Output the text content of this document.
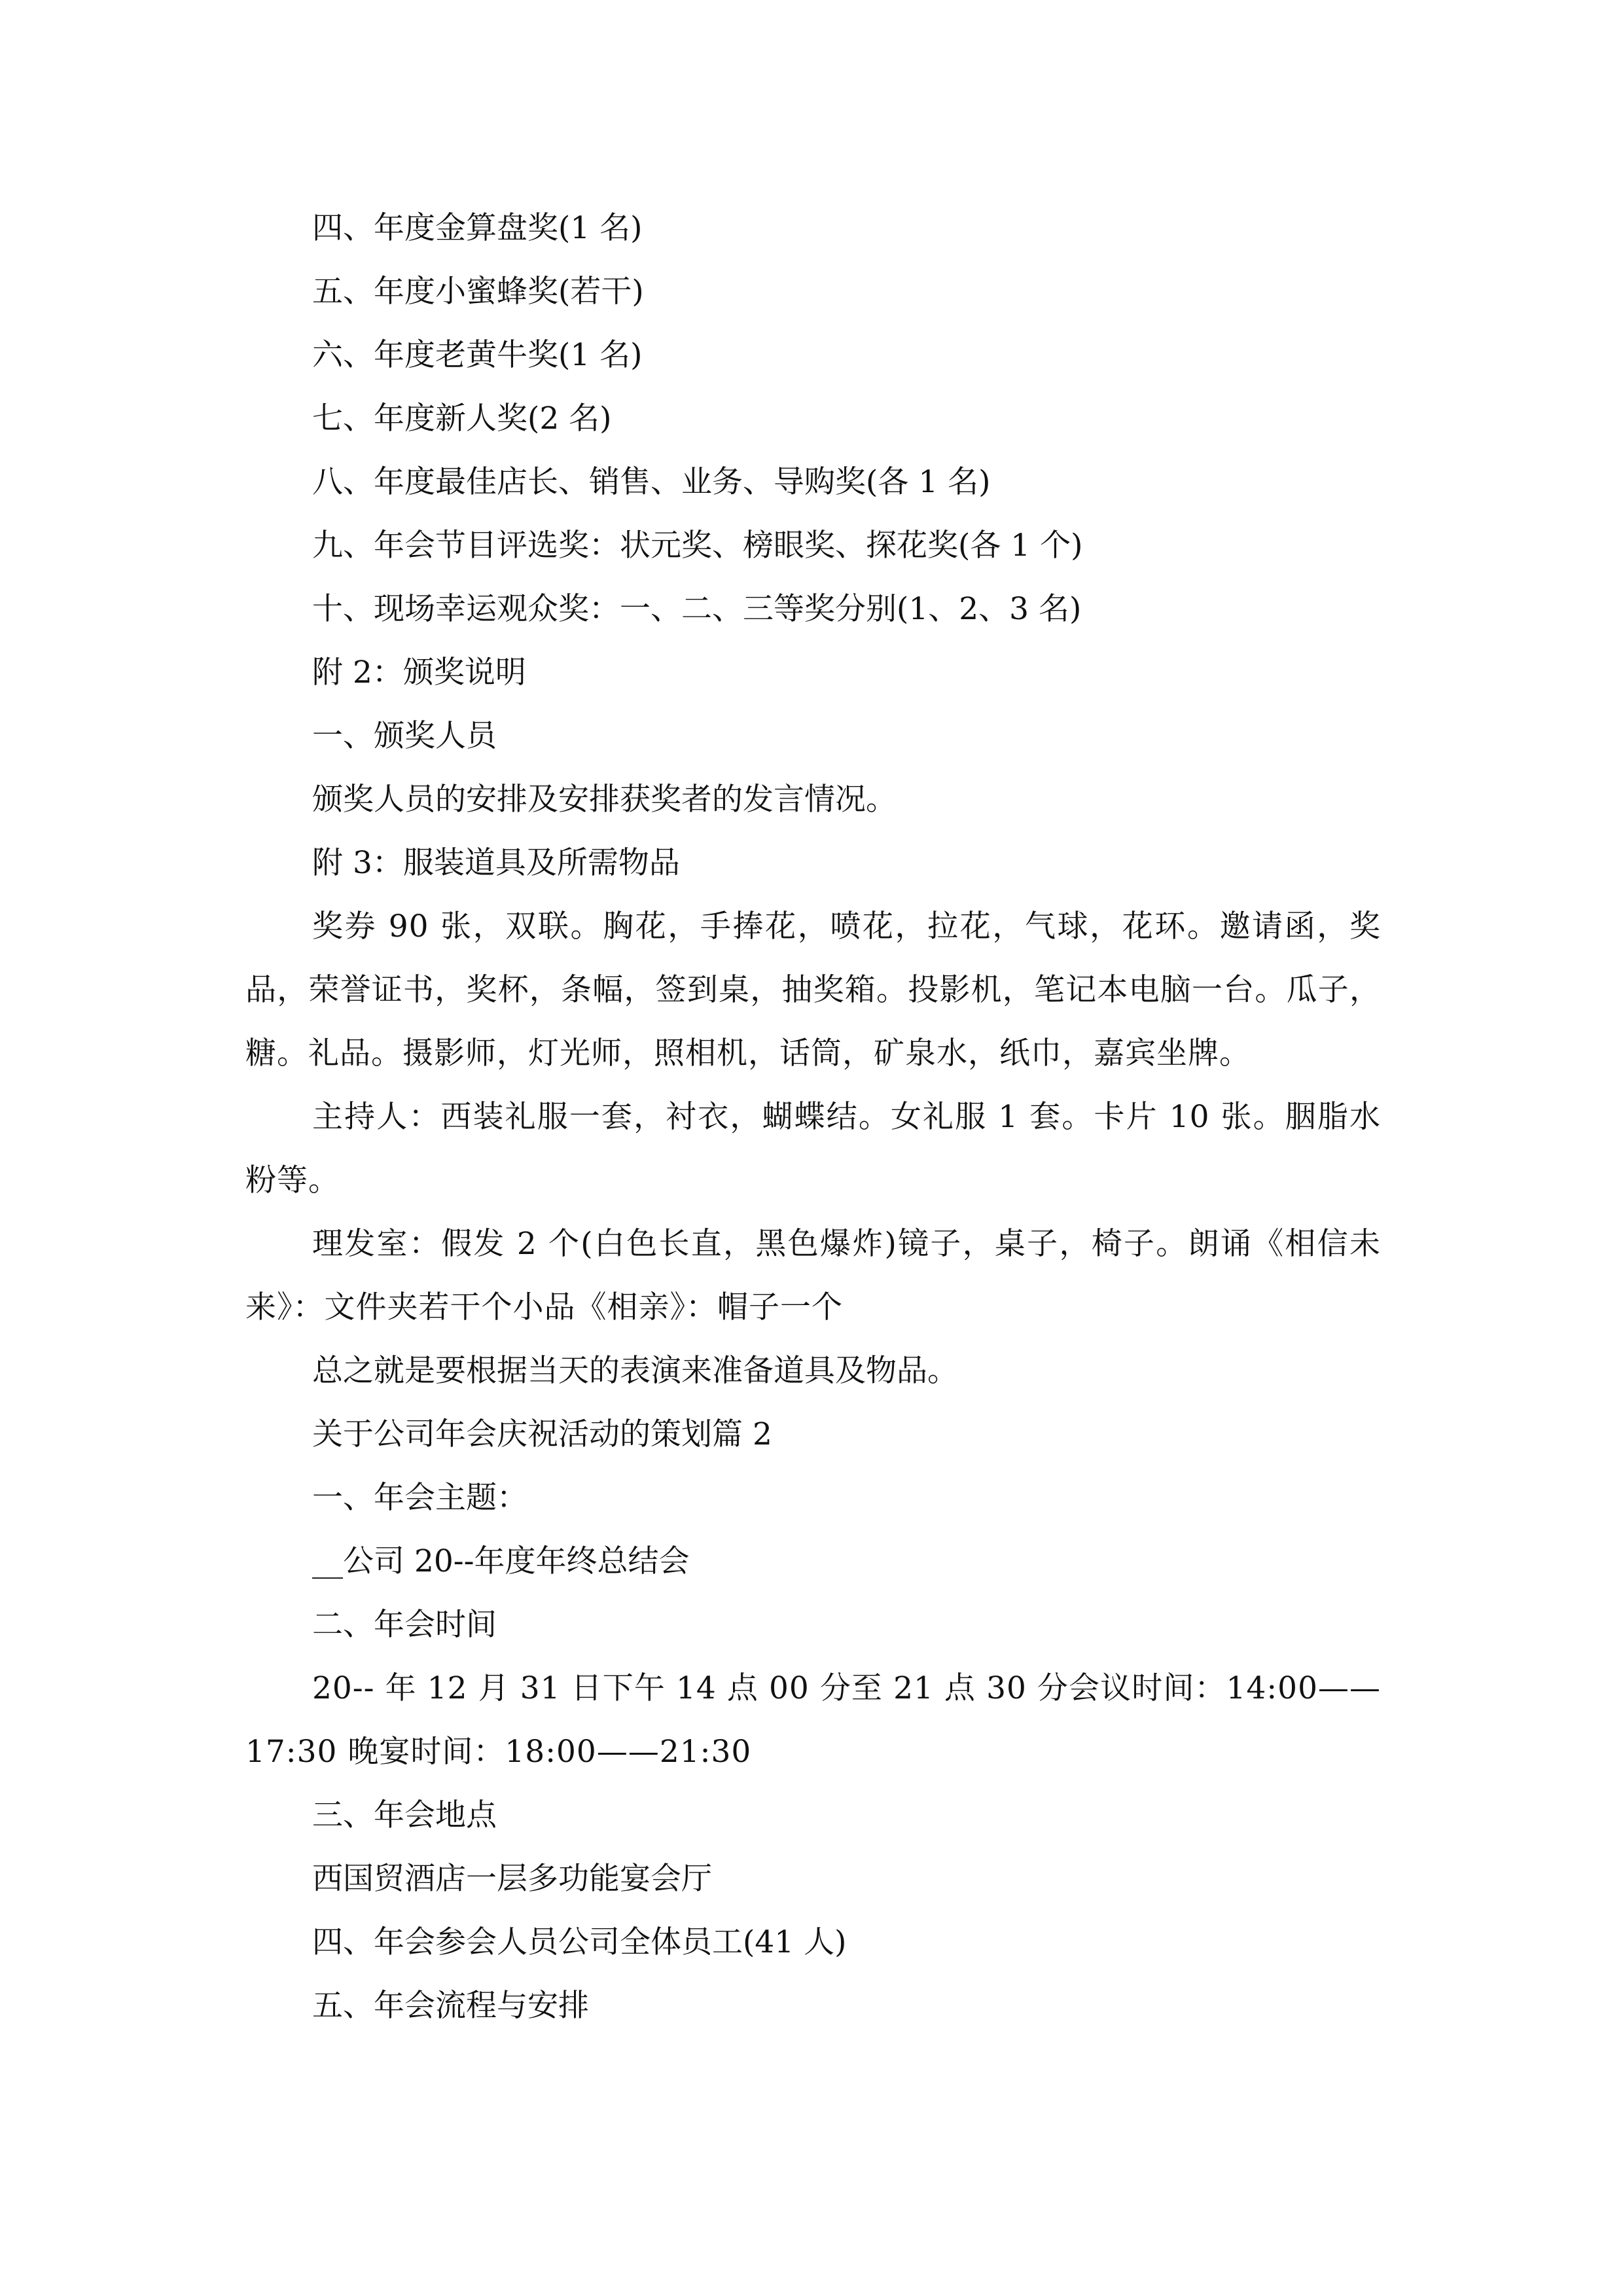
四、年度金算盘奖(1 名)

五、年度小蜜蜂奖(若干)

六、年度老黄牛奖(1 名)

七、年度新人奖(2 名)

八、年度最佳店长、销售、业务、导购奖(各 1 名)

九、年会节目评选奖：状元奖、榜眼奖、探花奖(各 1 个)

十、现场幸运观众奖：一、二、三等奖分别(1、2、3 名)

附 2：颁奖说明

一、颁奖人员

颁奖人员的安排及安排获奖者的发言情况。

附 3：服装道具及所需物品

奖券 90 张，双联。胸花，手捧花，喷花，拉花，气球，花环。邀请函，奖品，荣誉证书，奖杯，条幅，签到桌，抽奖箱。投影机，笔记本电脑一台。瓜子，糖。礼品。摄影师，灯光师，照相机，话筒，矿泉水，纸巾，嘉宾坐牌。

主持人：西装礼服一套，衬衣，蝴蝶结。女礼服 1 套。卡片 10 张。胭脂水粉等。

理发室：假发 2 个(白色长直，黑色爆炸)镜子，桌子，椅子。朗诵《相信未来》：文件夹若干个小品《相亲》：帽子一个

总之就是要根据当天的表演来准备道具及物品。

关于公司年会庆祝活动的策划篇 2

一、年会主题：

__公司 20--年度年终总结会

二、年会时间

20-- 年 12 月 31 日下午 14 点 00 分至 21 点 30 分会议时间：14:00——17:30 晚宴时间：18:00——21:30

三、年会地点

西国贸酒店一层多功能宴会厅

四、年会参会人员公司全体员工(41 人)

五、年会流程与安排
